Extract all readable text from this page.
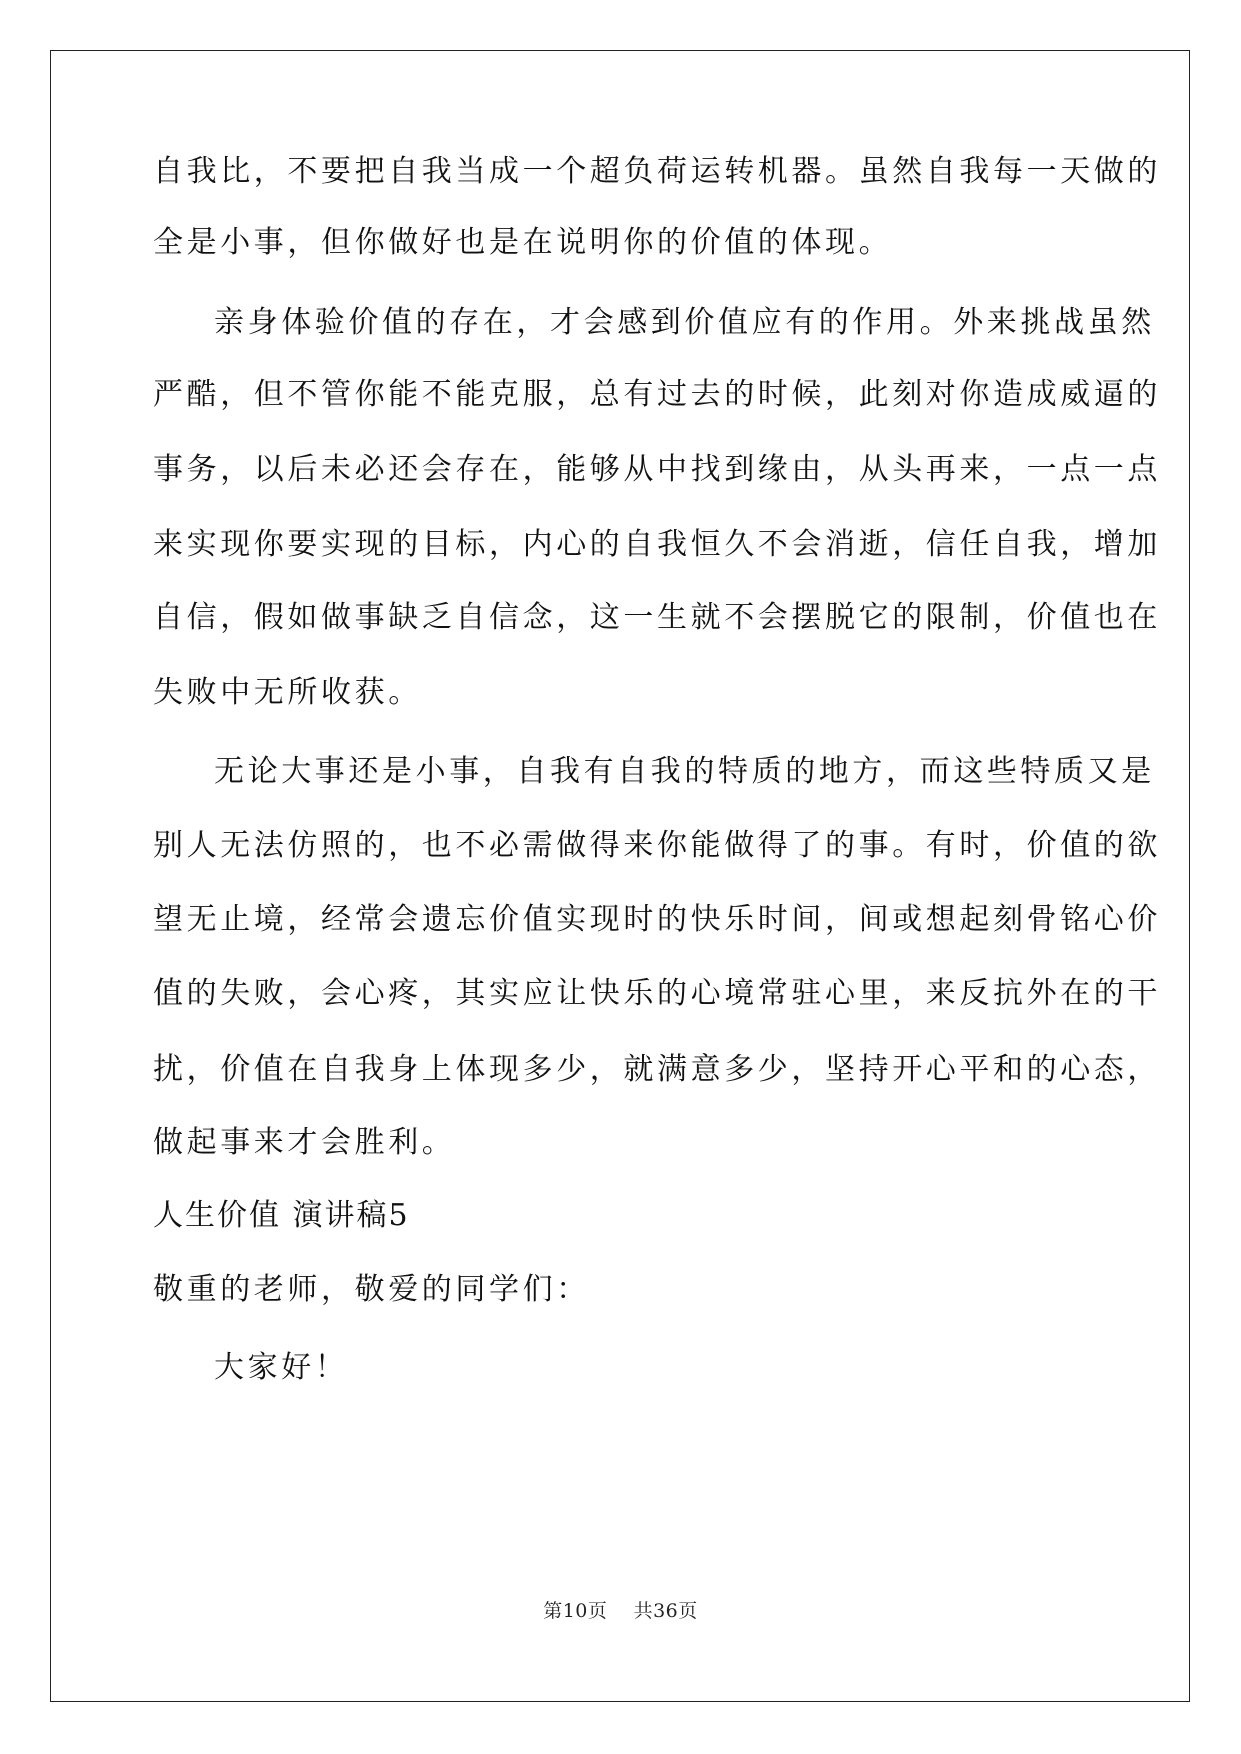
自我比，不要把自我当成一个超负荷运转机器。虽然自我每一天做的
全是小事，但你做好也是在说明你的价值的体现。
亲身体验价值的存在，才会感到价值应有的作用。外来挑战虽然
严酷，但不管你能不能克服，总有过去的时候，此刻对你造成威逼的
事务，以后未必还会存在，能够从中找到缘由，从头再来，一点一点
来实现你要实现的目标，内心的自我恒久不会消逝，信任自我，增加
自信，假如做事缺乏自信念，这一生就不会摆脱它的限制，价值也在
失败中无所收获。
无论大事还是小事，自我有自我的特质的地方，而这些特质又是
别人无法仿照的，也不必需做得来你能做得了的事。有时，价值的欲
望无止境，经常会遗忘价值实现时的快乐时间，间或想起刻骨铭心价
值的失败，会心疼，其实应让快乐的心境常驻心里，来反抗外在的干
扰，价值在自我身上体现多少，就满意多少，坚持开心平和的心态，
做起事来才会胜利。
人生价值 演讲稿5
敬重的老师，敬爱的同学们：
大家好！
第10页 共36页
